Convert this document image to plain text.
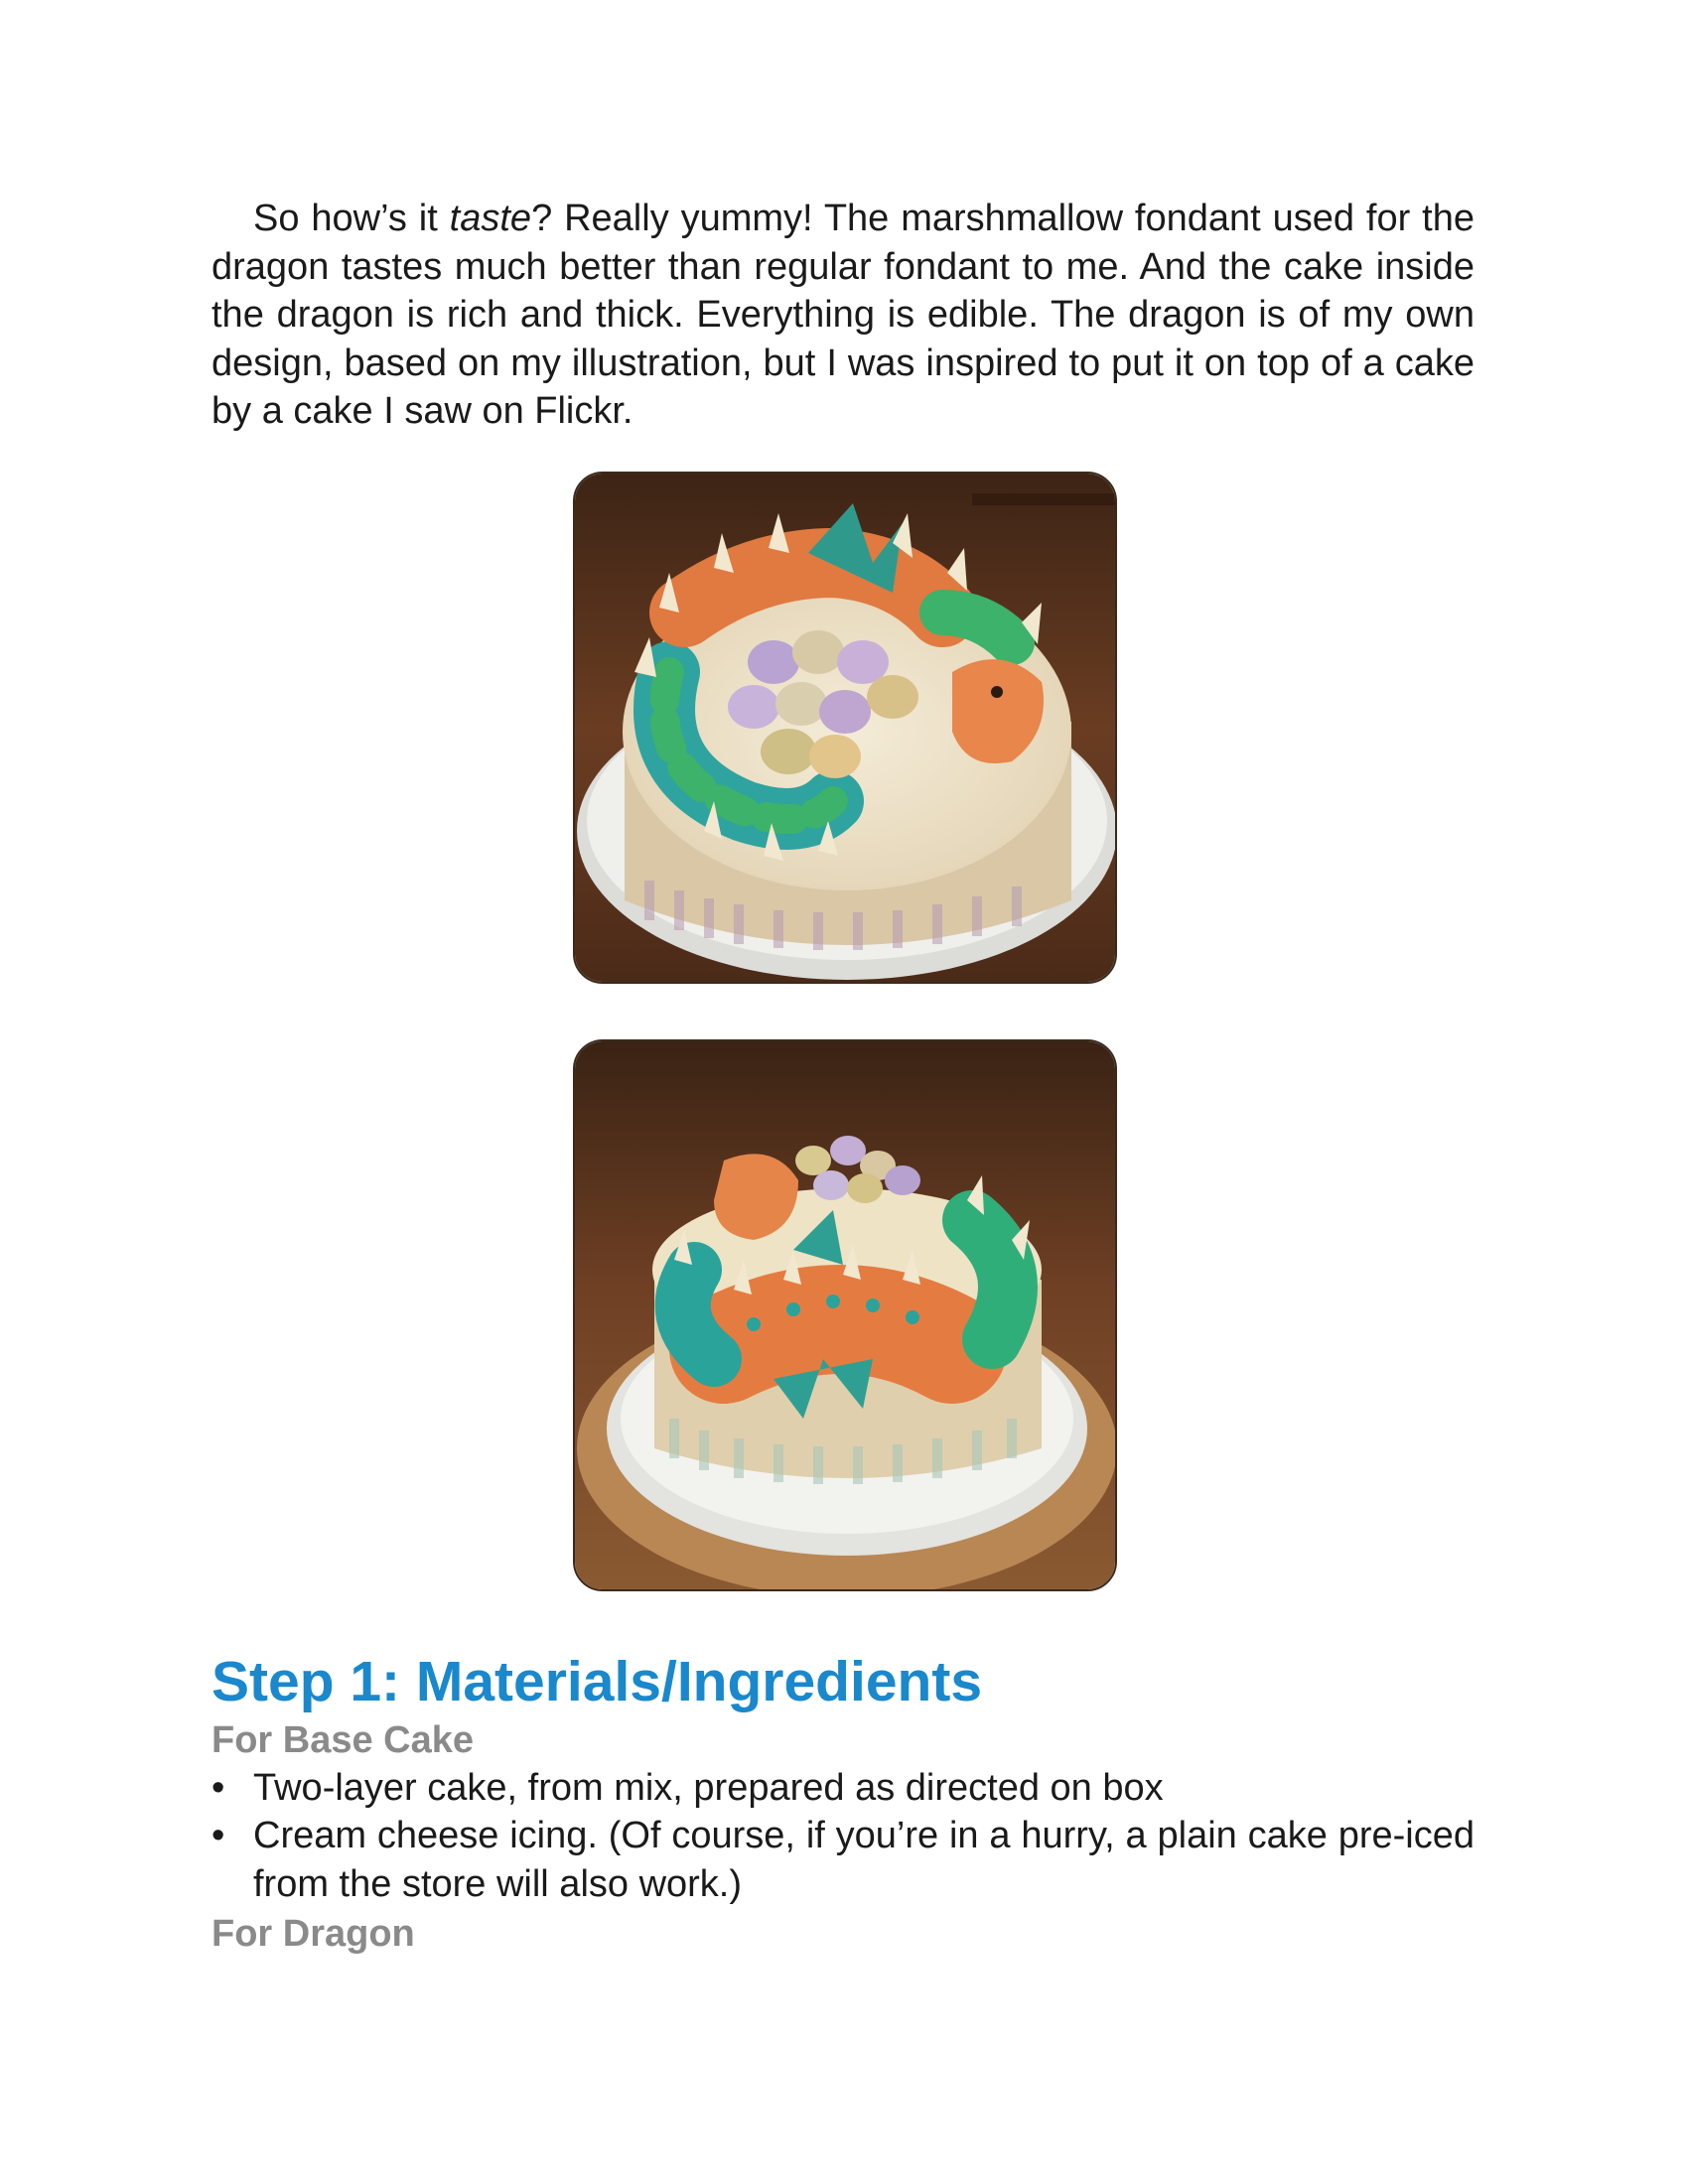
So how’s it taste? Really yummy! The marshmallow fondant used for the dragon tastes much better than regular fondant to me. And the cake inside the dragon is rich and thick. Everything is edible. The dragon is of my own design, based on my illustration, but I was inspired to put it on top of a cake by a cake I saw on Flickr.

Step 1: Materials/Ingredients
For Base Cake
• Two-layer cake, from mix, prepared as directed on box
• Cream cheese icing. (Of course, if you’re in a hurry, a plain cake pre-iced from the store will also work.)
For Dragon
